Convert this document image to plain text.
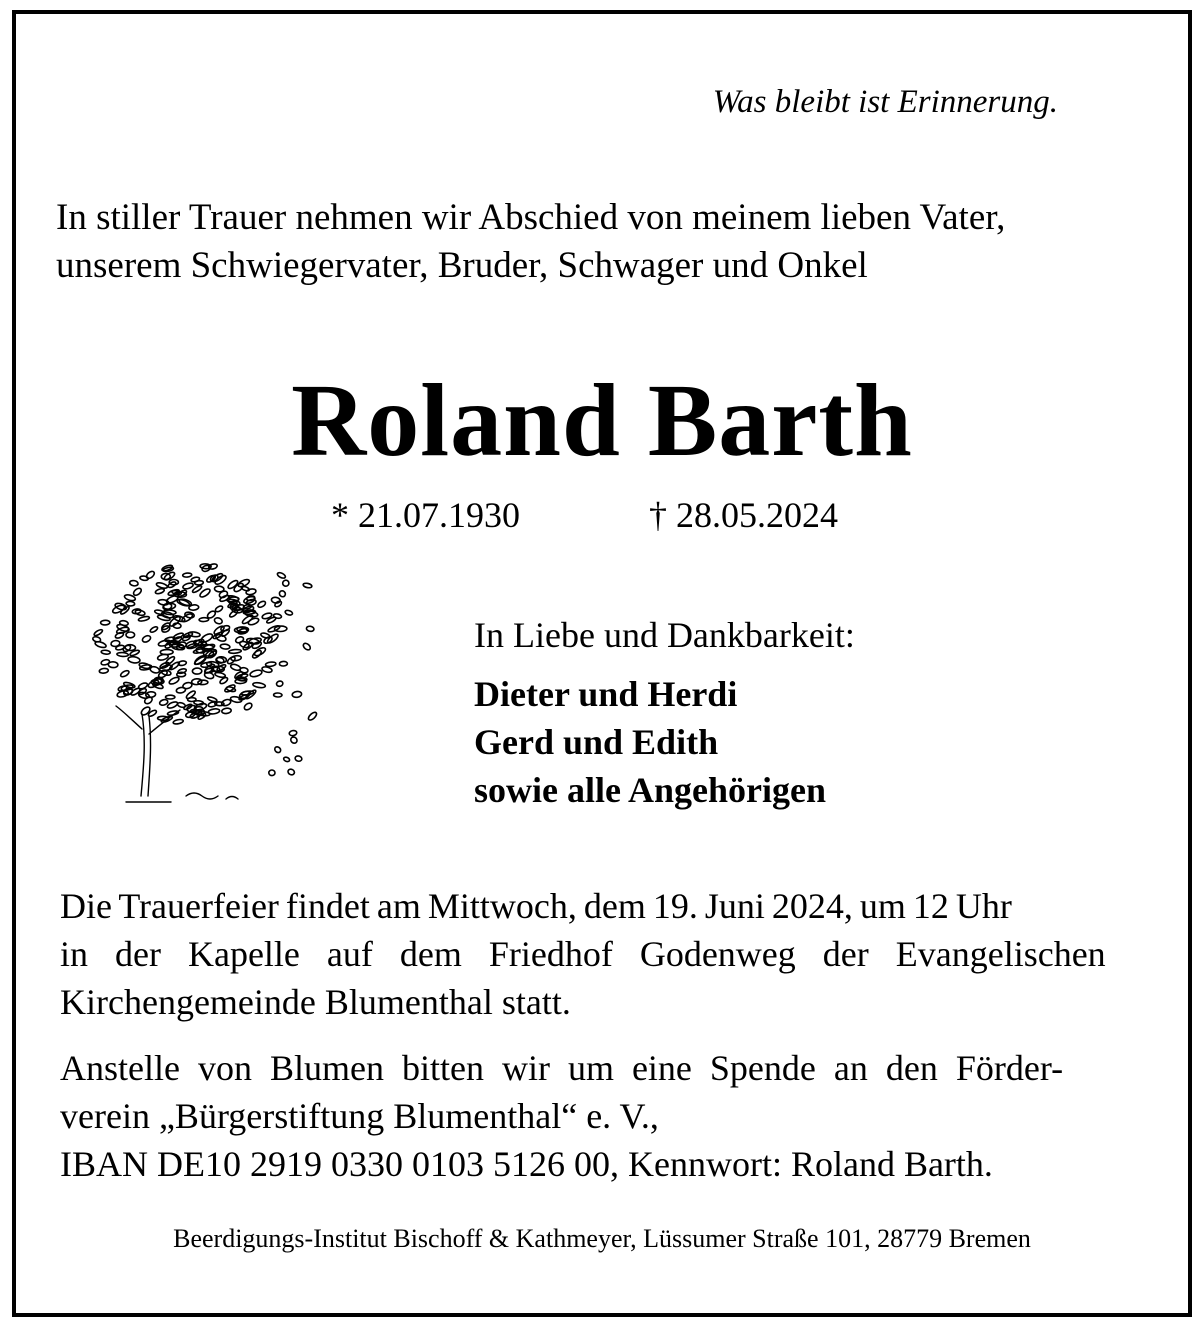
Was bleibt ist Erinnerung.
In stiller Trauer nehmen wir Abschied von meinem lieben Vater,
unserem Schwiegervater, Bruder, Schwager und Onkel
Roland Barth
* 21.07.1930	† 28.05.2024
In Liebe und Dankbarkeit:
Dieter und Herdi
Gerd und Edith
sowie alle Angehörigen
Die Trauerfeier findet am Mittwoch, dem 19. Juni 2024, um 12 Uhr
in der Kapelle auf dem Friedhof Godenweg der Evangelischen
Kirchengemeinde Blumenthal statt.
Anstelle von Blumen bitten wir um eine Spende an den Förder-
verein „Bürgerstiftung Blumenthal“ e. V.,
IBAN DE10 2919 0330 0103 5126 00, Kennwort: Roland Barth.
Beerdigungs-Institut Bischoff & Kathmeyer, Lüssumer Straße 101, 28779 Bremen
